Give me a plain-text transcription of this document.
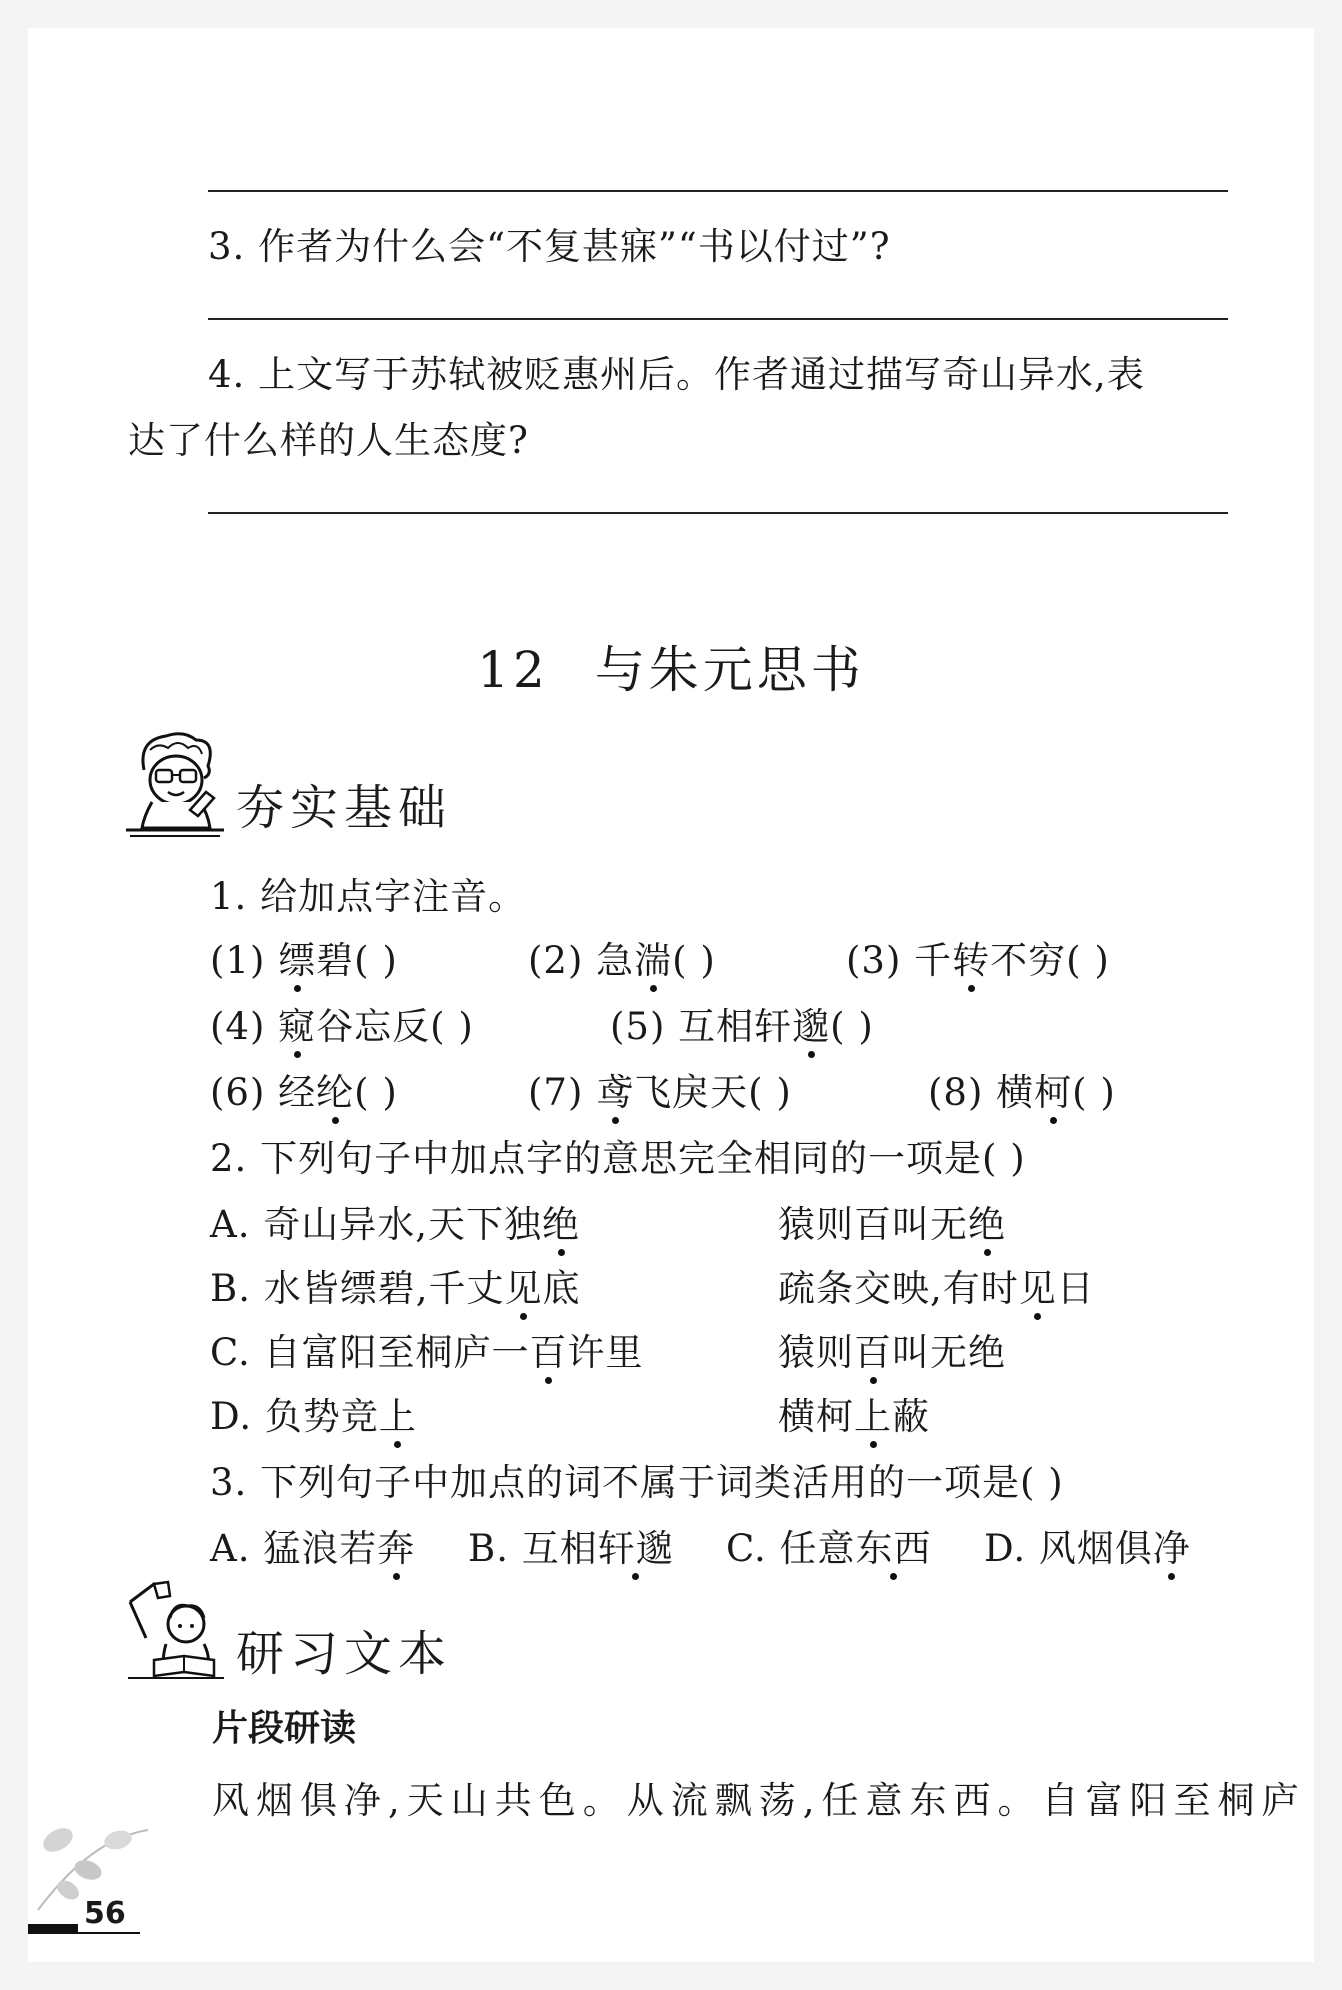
3. 作者为什么会“不复甚寐”“书以付过”?
4. 上文写于苏轼被贬惠州后。作者通过描写奇山异水,表
达了什么样的人生态度?
12 与朱元思书
夯实基础
1. 给加点字注音。
(1) 缥碧( )	(2) 急湍( )	(3) 千转不穷( )
(4) 窥谷忘反( )	(5) 互相轩邈( )
(6) 经纶( )	(7) 鸢飞戾天( )	(8) 横柯( )
2. 下列句子中加点字的意思完全相同的一项是( )
A. 奇山异水,天下独绝	猿则百叫无绝
B. 水皆缥碧,千丈见底	疏条交映,有时见日
C. 自富阳至桐庐一百许里	猿则百叫无绝
D. 负势竞上	横柯上蔽
3. 下列句子中加点的词不属于词类活用的一项是( )
A. 猛浪若奔 B. 互相轩邈 C. 任意东西 D. 风烟俱净
研习文本
片段研读
风烟俱净,天山共色。从流飘荡,任意东西。自富阳至桐庐
56
